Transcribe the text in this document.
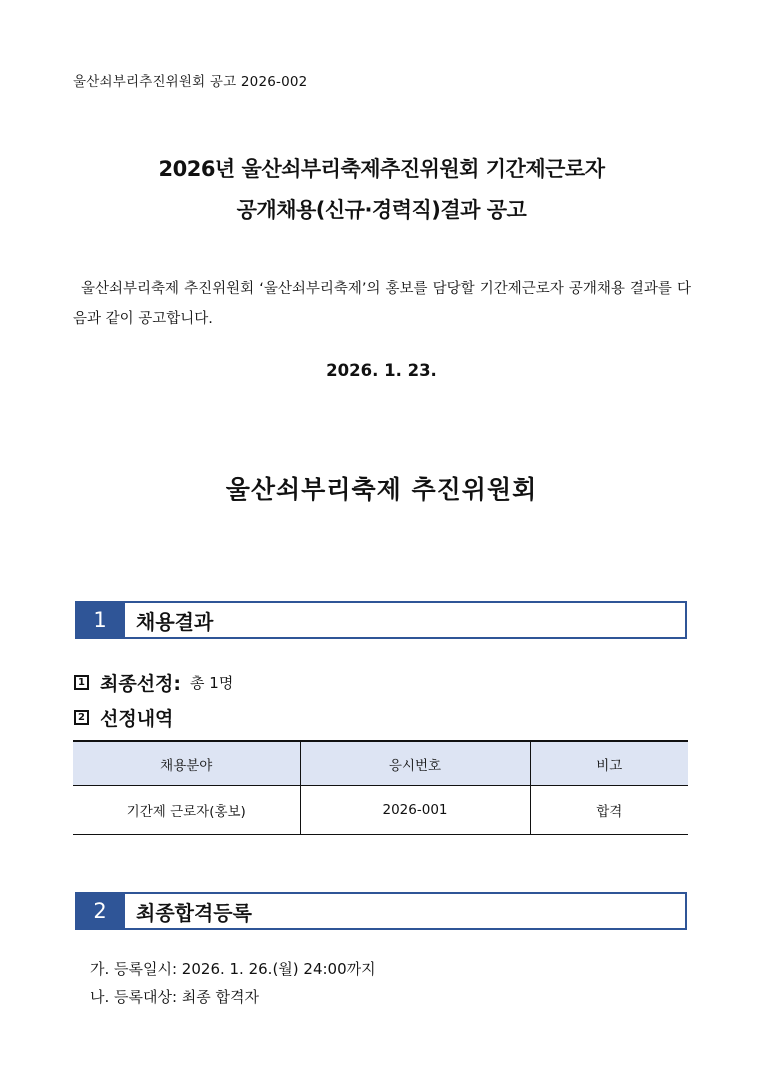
울산쇠부리추진위원회 공고 2026-002
2026년 울산쇠부리축제추진위원회 기간제근로자
공개채용(신규·경력직)결과 공고
울산쇠부리축제 추진위원회 ‘울산쇠부리축제’의 홍보를 담당할 기간제근로자 공개채용 결과를 다음과 같이 공고합니다.
2026. 1. 23.
울산쇠부리축제 추진위원회
1	채용결과
1 최종선정: 총 1명
2 선정내역
채용분야	응시번호	비고
기간제 근로자(홍보)	2026-001	합격
2	최종합격등록
가. 등록일시: 2026. 1. 26.(월) 24:00까지
나. 등록대상: 최종 합격자
